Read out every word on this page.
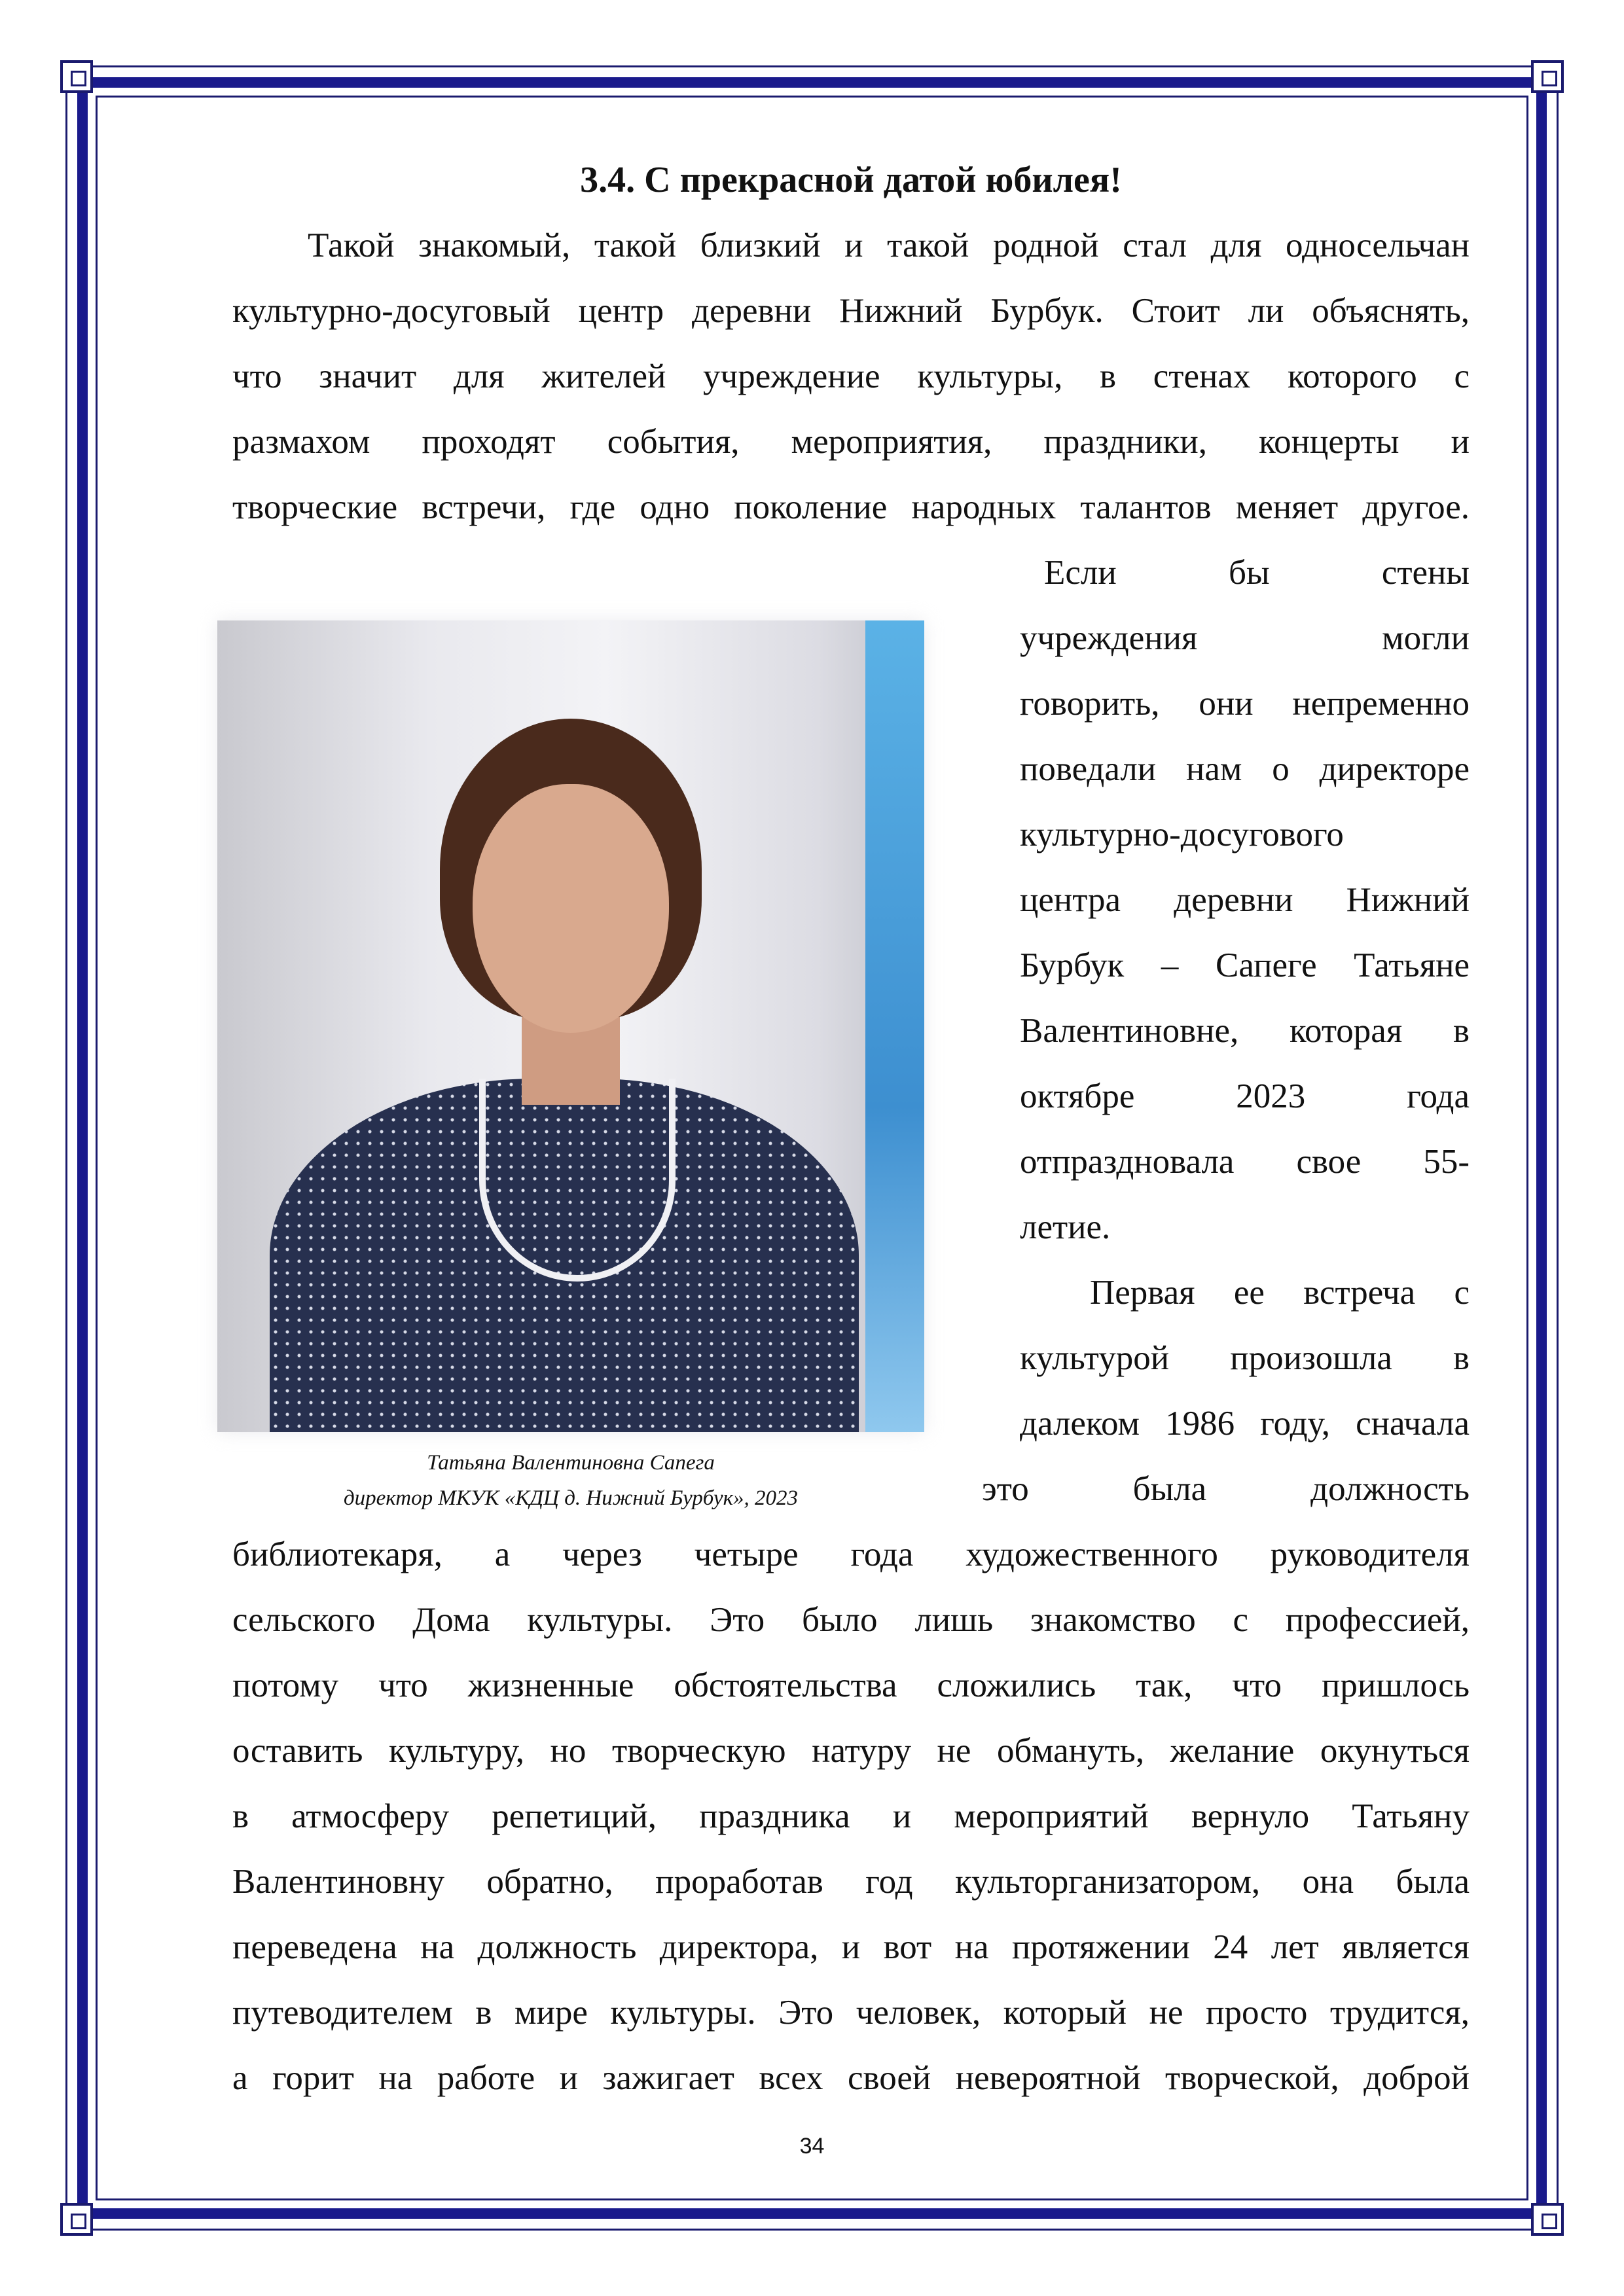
3.4. С прекрасной датой юбилея!
Такой знакомый, такой близкий и такой родной стал для односельчан
культурно-досуговый центр деревни Нижний Бурбук. Стоит ли объяснять,
что значит для жителей учреждение культуры, в стенах которого с
размахом проходят события, мероприятия, праздники, концерты и
творческие встречи, где одно поколение народных талантов меняет другое.
Татьяна Валентиновна Сапега
директор МКУК «КДЦ д. Нижний Бурбук», 2023
Если бы стены
учреждения могли
говорить, они непременно
поведали нам о директоре
культурно-досугового
центра деревни Нижний
Бурбук – Сапеге Татьяне
Валентиновне, которая в
октябре 2023 года
отпраздновала свое 55-
летие.
Первая ее встреча с
культурой произошла в
далеком 1986 году, сначала
это была должность
библиотекаря, а через четыре года художественного руководителя
сельского Дома культуры. Это было лишь знакомство с профессией,
потому что жизненные обстоятельства сложились так, что пришлось
оставить культуру, но творческую натуру не обмануть, желание окунуться
в атмосферу репетиций, праздника и мероприятий вернуло Татьяну
Валентиновну обратно, проработав год культорганизатором, она была
переведена на должность директора, и вот на протяжении 24 лет является
путеводителем в мире культуры. Это человек, который не просто трудится,
а горит на работе и зажигает всех своей невероятной творческой, доброй
34
